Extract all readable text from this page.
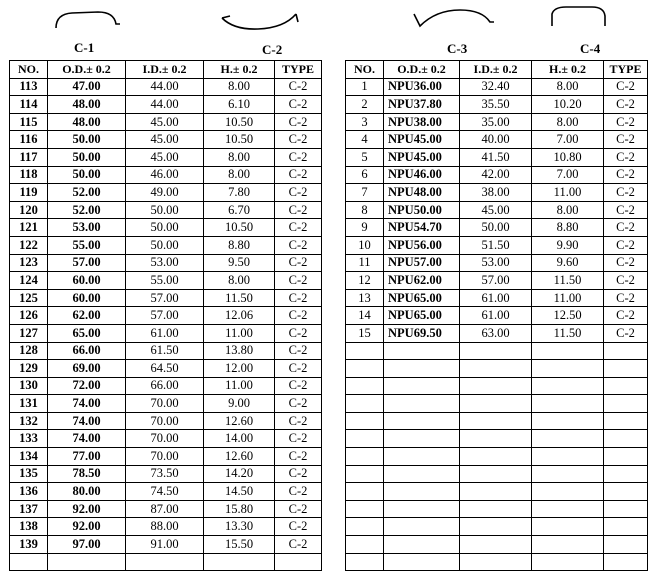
C-1	C-2	C-3	C-4
NO.	O.D.± 0.2	I.D.± 0.2	H.± 0.2	TYPE
113	47.00	44.00	8.00	C-2
114	48.00	44.00	6.10	C-2
115	48.00	45.00	10.50	C-2
116	50.00	45.00	10.50	C-2
117	50.00	45.00	8.00	C-2
118	50.00	46.00	8.00	C-2
119	52.00	49.00	7.80	C-2
120	52.00	50.00	6.70	C-2
121	53.00	50.00	10.50	C-2
122	55.00	50.00	8.80	C-2
123	57.00	53.00	9.50	C-2
124	60.00	55.00	8.00	C-2
125	60.00	57.00	11.50	C-2
126	62.00	57.00	12.06	C-2
127	65.00	61.00	11.00	C-2
128	66.00	61.50	13.80	C-2
129	69.00	64.50	12.00	C-2
130	72.00	66.00	11.00	C-2
131	74.00	70.00	9.00	C-2
132	74.00	70.00	12.60	C-2
133	74.00	70.00	14.00	C-2
134	77.00	70.00	12.60	C-2
135	78.50	73.50	14.20	C-2
136	80.00	74.50	14.50	C-2
137	92.00	87.00	15.80	C-2
138	92.00	88.00	13.30	C-2
139	97.00	91.00	15.50	C-2

NO.	O.D.± 0.2	I.D.± 0.2	H.± 0.2	TYPE
1	NPU36.00	32.40	8.00	C-2
2	NPU37.80	35.50	10.20	C-2
3	NPU38.00	35.00	8.00	C-2
4	NPU45.00	40.00	7.00	C-2
5	NPU45.00	41.50	10.80	C-2
6	NPU46.00	42.00	7.00	C-2
7	NPU48.00	38.00	11.00	C-2
8	NPU50.00	45.00	8.00	C-2
9	NPU54.70	50.00	8.80	C-2
10	NPU56.00	51.50	9.90	C-2
11	NPU57.00	53.00	9.60	C-2
12	NPU62.00	57.00	11.50	C-2
13	NPU65.00	61.00	11.00	C-2
14	NPU65.00	61.00	12.50	C-2
15	NPU69.50	63.00	11.50	C-2
